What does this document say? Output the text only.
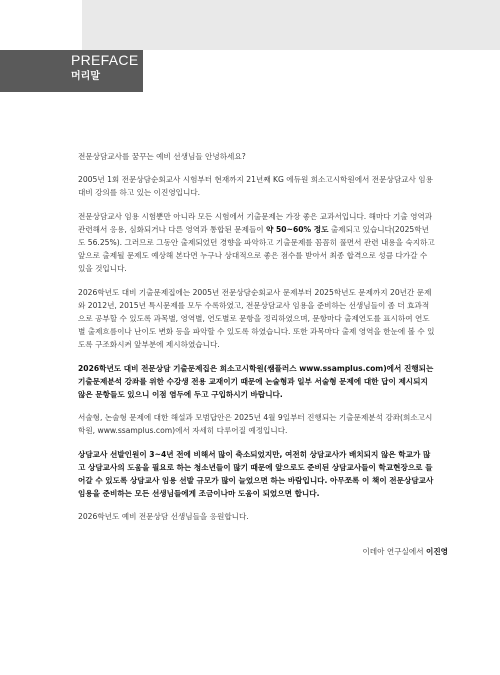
PREFACE
머리말

전문상담교사를 꿈꾸는 예비 선생님들 안녕하세요?

2005년 1회 전문상담순회교사 시험부터 현재까지 21년째 KG 에듀원 희소고시학원에서 전문상담교사 임용 대비 강의를 하고 있는 이진영입니다.

전문상담교사 임용 시험뿐만 아니라 모든 시험에서 기출문제는 가장 좋은 교과서입니다. 해마다 기출 영역과 관련해서 응용, 심화되거나 다른 영역과 통합된 문제들이 약 50~60% 정도 출제되고 있습니다(2025학년도 56.25%). 그러므로 그동안 출제되었던 경향을 파악하고 기출문제를 꼼꼼히 풀면서 관련 내용을 숙지하고 앞으로 출제될 문제도 예상해 본다면 누구나 상대적으로 좋은 점수를 받아서 최종 합격으로 성큼 다가갈 수 있을 것입니다.

2026학년도 대비 기출문제집에는 2005년 전문상담순회교사 문제부터 2025학년도 문제까지 20년간 문제와 2012년, 2015년 특시문제를 모두 수록하였고, 전문상담교사 임용을 준비하는 선생님들이 좀 더 효과적으로 공부할 수 있도록 과목별, 영역별, 연도별로 문항을 정리하였으며, 문항마다 출제연도를 표시하여 연도별 출제흐름이나 난이도 변화 등을 파악할 수 있도록 하였습니다. 또한 과목마다 출제 영역을 한눈에 볼 수 있도록 구조화시켜 앞부분에 제시하였습니다.

2026학년도 대비 전문상담 기출문제집은 희소고시학원(쌤플러스 www.ssamplus.com)에서 진행되는 기출문제분석 강좌를 위한 수강생 전용 교재이기 때문에 논술형과 일부 서술형 문제에 대한 답이 제시되지 않은 문항들도 있으니 이점 염두에 두고 구입하시기 바랍니다.

서술형, 논술형 문제에 대한 해설과 모범답안은 2025년 4월 9일부터 진행되는 기출문제분석 강좌(희소고시학원, www.ssamplus.com)에서 자세히 다루어질 예정입니다.

상담교사 선발인원이 3~4년 전에 비해서 많이 축소되었지만, 여전히 상담교사가 배치되지 않은 학교가 많고 상담교사의 도움을 필요로 하는 청소년들이 많기 때문에 앞으로도 준비된 상담교사들이 학교현장으로 들어갈 수 있도록 상담교사 임용 선발 규모가 많이 늘었으면 하는 바람입니다. 아무쪼록 이 책이 전문상담교사 임용을 준비하는 모든 선생님들에게 조금이나마 도움이 되었으면 합니다.

2026학년도 예비 전문상담 선생님들을 응원합니다.

이데아 연구실에서 이진영
